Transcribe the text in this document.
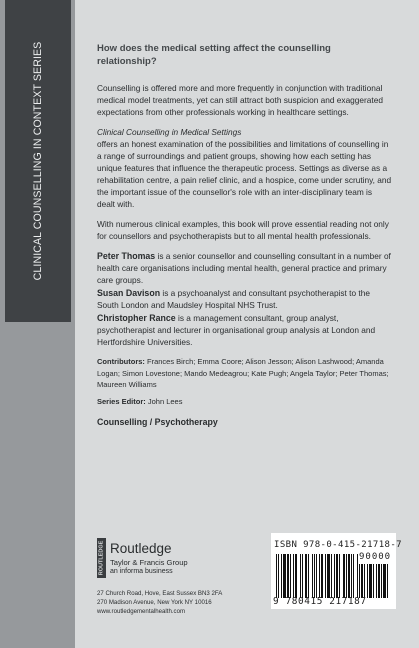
CLINICAL COUNSELLING IN CONTEXT SERIES	How does the medical setting affect the counselling relationship?

Counselling is offered more and more frequently in conjunction with traditional medical model treatments, yet can still attract both suspicion and exaggerated expectations from other professionals working in healthcare settings.

Clinical Counselling in Medical Settings
offers an honest examination of the possibilities and limitations of counselling in a range of surroundings and patient groups, showing how each setting has unique features that influence the therapeutic process. Settings as diverse as a rehabilitation centre, a pain relief clinic, and a hospice, come under scrutiny, and the important issue of the counsellor's role with an inter-disciplinary team is dealt with.

With numerous clinical examples, this book will prove essential reading not only for counsellors and psychotherapists but to all mental health professionals.

Peter Thomas is a senior counsellor and counselling consultant in a number of health care organisations including mental health, general practice and primary care groups.

Susan Davison is a psychoanalyst and consultant psychotherapist to the South London and Maudsley Hospital NHS Trust.

Christopher Rance is a management consultant, group analyst, psychotherapist and lecturer in organisational group analysis at London and Hertfordshire Universities.

Contributors: Frances Birch; Emma Coore; Alison Jesson; Alison Lashwood; Amanda Logan; Simon Lovestone; Mando Medeagrou; Kate Pugh; Angela Taylor; Peter Thomas; Maureen Williams

Series Editor: John Lees

Counselling / Psychotherapy
ROUTLEDGE Routledge
Taylor & Francis Group
an informa business
27 Church Road, Hove, East Sussex BN3 2FA
270 Madison Avenue, New York NY 10016
www.routledgementalhealth.com
ISBN 978-0-415-21718-7
90000
9 780415 217187
